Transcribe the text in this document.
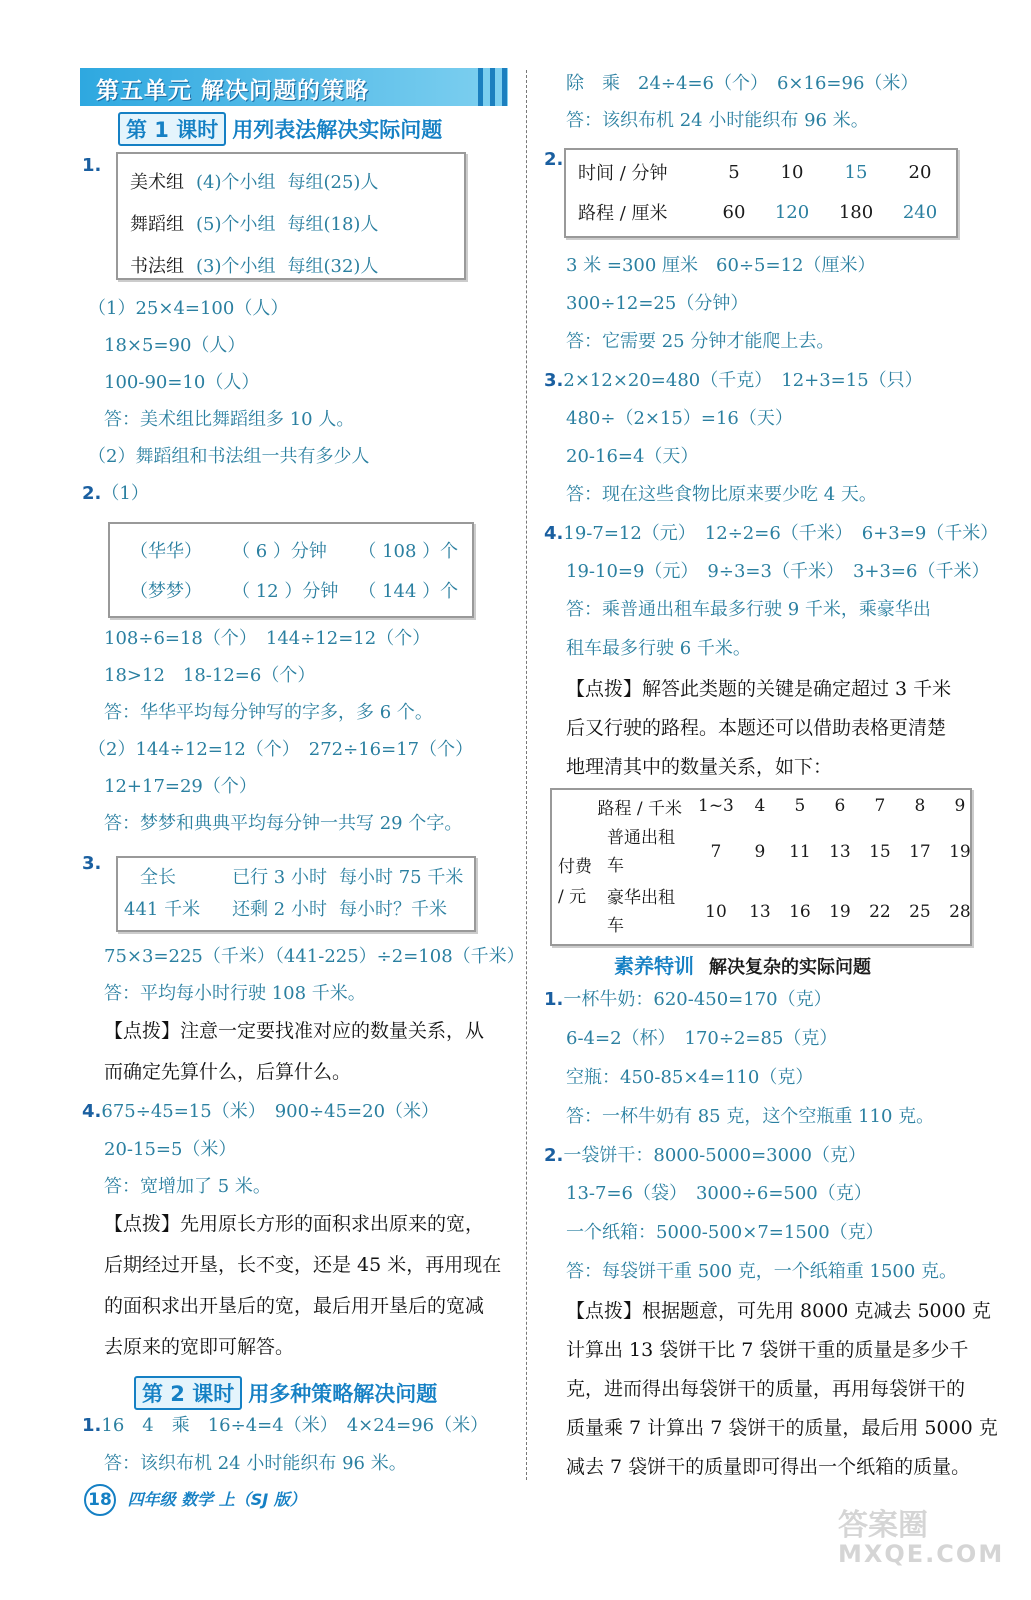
第五单元 解决问题的策略
第 1 课时 用列表法解决实际问题
1.
美术组	(4)个小组	每组(25)人
舞蹈组	(5)个小组	每组(18)人
书法组	(3)个小组	每组(32)人
（1）25×4=100（人）
18×5=90（人）
100-90=10（人）
答：美术组比舞蹈组多 10 人。
（2）舞蹈组和书法组一共有多少人
2.（1）
（华华）	（ 6 ）分钟	（ 108 ）个
（梦梦）	（ 12 ）分钟	（ 144 ）个
108÷6=18（个）　144÷12=12（个）
18>12　18-12=6（个）
答：华华平均每分钟写的字多，多 6 个。
（2）144÷12=12（个）　272÷16=17（个）
12+17=29（个）
答：梦梦和典典平均每分钟一共写 29 个字。
3.
全长	已行 3 小时	每小时 75 千米
441 千米	还剩 2 小时	每小时？千米
75×3=225（千米）（441-225）÷2=108（千米）
答：平均每小时行驶 108 千米。
【点拨】注意一定要找准对应的数量关系，从
而确定先算什么，后算什么。
4.675÷45=15（米）　900÷45=20（米）
20-15=5（米）
答：宽增加了 5 米。
【点拨】先用原长方形的面积求出原来的宽，
后期经过开垦，长不变，还是 45 米，再用现在
的面积求出开垦后的宽，最后用开垦后的宽减
去原来的宽即可解答。
第 2 课时 用多种策略解决问题
1.16　4　乘　16÷4=4（米）　4×24=96（米）
答：该织布机 24 小时能织布 96 米。
除　乘　24÷4=6（个）　6×16=96（米）
答：该织布机 24 小时能织布 96 米。
2.
时间 / 分钟	5	10	15	20
路程 / 厘米	60	120	180	240
3 米 =300 厘米　60÷5=12（厘米）
300÷12=25（分钟）
答：它需要 25 分钟才能爬上去。
3.2×12×20=480（千克）　12+3=15（只）
480÷（2×15）=16（天）
20-16=4（天）
答：现在这些食物比原来要少吃 4 天。
4.19-7=12（元）　12÷2=6（千米）　6+3=9（千米）
19-10=9（元）　9÷3=3（千米）　3+3=6（千米）
答：乘普通出租车最多行驶 9 千米，乘豪华出
租车最多行驶 6 千米。
【点拨】解答此类题的关键是确定超过 3 千米
后又行驶的路程。本题还可以借助表格更清楚
地理清其中的数量关系，如下：
路程 / 千米		1~3	4	5	6	7	8	9
付费 / 元	普通出租车	7	9	11	13	15	17	19
	豪华出租车	10	13	16	19	22	25	28
素养特训 解决复杂的实际问题
1.一杯牛奶：620-450=170（克）
6-4=2（杯）　170÷2=85（克）
空瓶：450-85×4=110（克）
答：一杯牛奶有 85 克，这个空瓶重 110 克。
2.一袋饼干：8000-5000=3000（克）
13-7=6（袋）　3000÷6=500（克）
一个纸箱：5000-500×7=1500（克）
答：每袋饼干重 500 克，一个纸箱重 1500 克。
【点拨】根据题意，可先用 8000 克减去 5000 克
计算出 13 袋饼干比 7 袋饼干重的质量是多少千
克，进而得出每袋饼干的质量，再用每袋饼干的
质量乘 7 计算出 7 袋饼干的质量，最后用 5000 克
减去 7 袋饼干的质量即可得出一个纸箱的质量。
18 四年级 数学 上（SJ 版）
答案圈
MXQE.COM
